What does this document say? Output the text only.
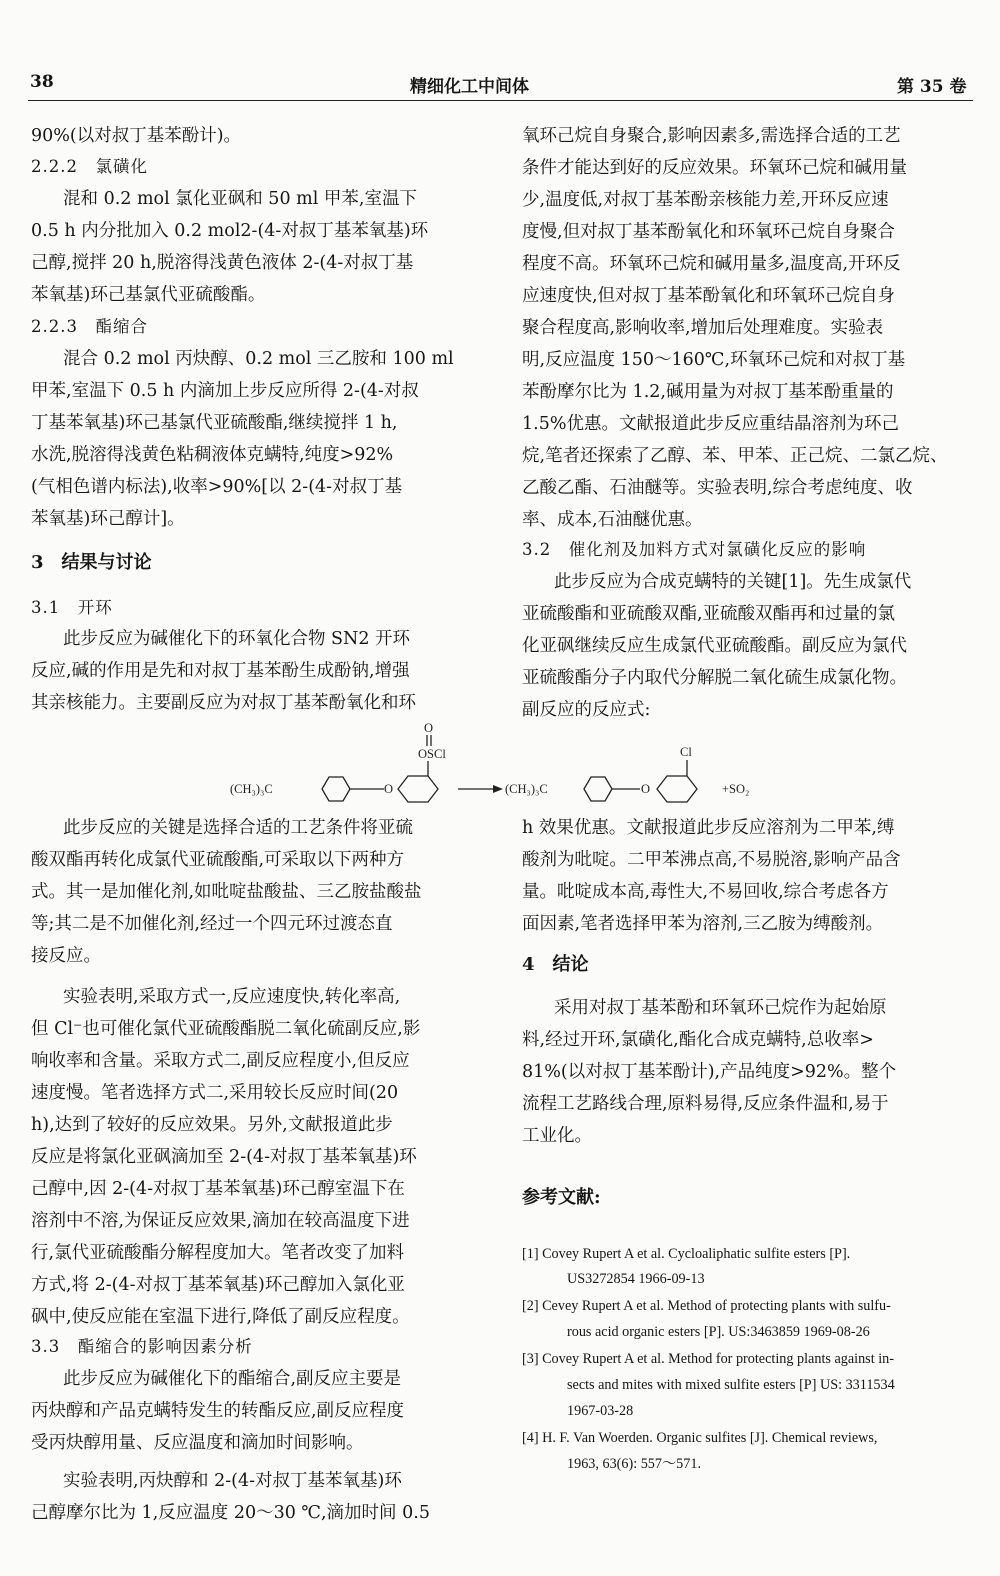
38	精细化工中间体	第 35 卷
90%(以对叔丁基苯酚计)。
2.2.2　氯磺化
混和 0.2 mol 氯化亚砜和 50 ml 甲苯,室温下
0.5 h 内分批加入 0.2 mol2-(4-对叔丁基苯氧基)环
己醇,搅拌 20 h,脱溶得浅黄色液体 2-(4-对叔丁基
苯氧基)环己基氯代亚硫酸酯。
2.2.3　酯缩合
混合 0.2 mol 丙炔醇、0.2 mol 三乙胺和 100 ml
甲苯,室温下 0.5 h 内滴加上步反应所得 2-(4-对叔
丁基苯氧基)环己基氯代亚硫酸酯,继续搅拌 1 h,
水洗,脱溶得浅黄色粘稠液体克螨特,纯度>92%
(气相色谱内标法),收率>90%[以 2-(4-对叔丁基
苯氧基)环己醇计]。
3　结果与讨论
3.1　开环
此步反应为碱催化下的环氧化合物 SN2 开环
反应,碱的作用是先和对叔丁基苯酚生成酚钠,增强
其亲核能力。主要副反应为对叔丁基苯酚氧化和环
氧环己烷自身聚合,影响因素多,需选择合适的工艺
条件才能达到好的反应效果。环氧环己烷和碱用量
少,温度低,对叔丁基苯酚亲核能力差,开环反应速
度慢,但对叔丁基苯酚氧化和环氧环己烷自身聚合
程度不高。环氧环己烷和碱用量多,温度高,开环反
应速度快,但对叔丁基苯酚氧化和环氧环己烷自身
聚合程度高,影响收率,增加后处理难度。实验表
明,反应温度 150～160℃,环氧环己烷和对叔丁基
苯酚摩尔比为 1.2,碱用量为对叔丁基苯酚重量的
1.5%优惠。文献报道此步反应重结晶溶剂为环己
烷,笔者还探索了乙醇、苯、甲苯、正己烷、二氯乙烷、
乙酸乙酯、石油醚等。实验表明,综合考虑纯度、收
率、成本,石油醚优惠。
3.2　催化剂及加料方式对氯磺化反应的影响
此步反应为合成克螨特的关键[1]。先生成氯代
亚硫酸酯和亚硫酸双酯,亚硫酸双酯再和过量的氯
化亚砜继续反应生成氯代亚硫酸酯。副反应为氯代
亚硫酸酯分子内取代分解脱二氧化硫生成氯化物。
副反应的反应式:
(CH₃)₃C	O
O
OSCl
(CH₃)₃C	O
Cl
+SO₂
此步反应的关键是选择合适的工艺条件将亚硫
酸双酯再转化成氯代亚硫酸酯,可采取以下两种方
式。其一是加催化剂,如吡啶盐酸盐、三乙胺盐酸盐
等;其二是不加催化剂,经过一个四元环过渡态直
接反应。
实验表明,采取方式一,反应速度快,转化率高,
但 Cl⁻也可催化氯代亚硫酸酯脱二氧化硫副反应,影
响收率和含量。采取方式二,副反应程度小,但反应
速度慢。笔者选择方式二,采用较长反应时间(20
h),达到了较好的反应效果。另外,文献报道此步
反应是将氯化亚砜滴加至 2-(4-对叔丁基苯氧基)环
己醇中,因 2-(4-对叔丁基苯氧基)环己醇室温下在
溶剂中不溶,为保证反应效果,滴加在较高温度下进
行,氯代亚硫酸酯分解程度加大。笔者改变了加料
方式,将 2-(4-对叔丁基苯氧基)环己醇加入氯化亚
砜中,使反应能在室温下进行,降低了副反应程度。
3.3　酯缩合的影响因素分析
此步反应为碱催化下的酯缩合,副反应主要是
丙炔醇和产品克螨特发生的转酯反应,副反应程度
受丙炔醇用量、反应温度和滴加时间影响。
实验表明,丙炔醇和 2-(4-对叔丁基苯氧基)环
己醇摩尔比为 1,反应温度 20～30 ℃,滴加时间 0.5
h 效果优惠。文献报道此步反应溶剂为二甲苯,缚
酸剂为吡啶。二甲苯沸点高,不易脱溶,影响产品含
量。吡啶成本高,毒性大,不易回收,综合考虑各方
面因素,笔者选择甲苯为溶剂,三乙胺为缚酸剂。
4　结论
采用对叔丁基苯酚和环氧环己烷作为起始原
料,经过开环,氯磺化,酯化合成克螨特,总收率>
81%(以对叔丁基苯酚计),产品纯度>92%。整个
流程工艺路线合理,原料易得,反应条件温和,易于
工业化。
参考文献:
[1] Covey Rupert A et al. Cycloaliphatic sulfite esters [P].
US3272854 1966-09-13
[2] Cevey Rupert A et al. Method of protecting plants with sulfu-
rous acid organic esters [P]. US:3463859 1969-08-26
[3] Covey Rupert A et al. Method for protecting plants against in-
sects and mites with mixed sulfite esters [P] US: 3311534
1967-03-28
[4] H. F. Van Woerden. Organic sulfites [J]. Chemical reviews,
1963, 63(6): 557～571.
